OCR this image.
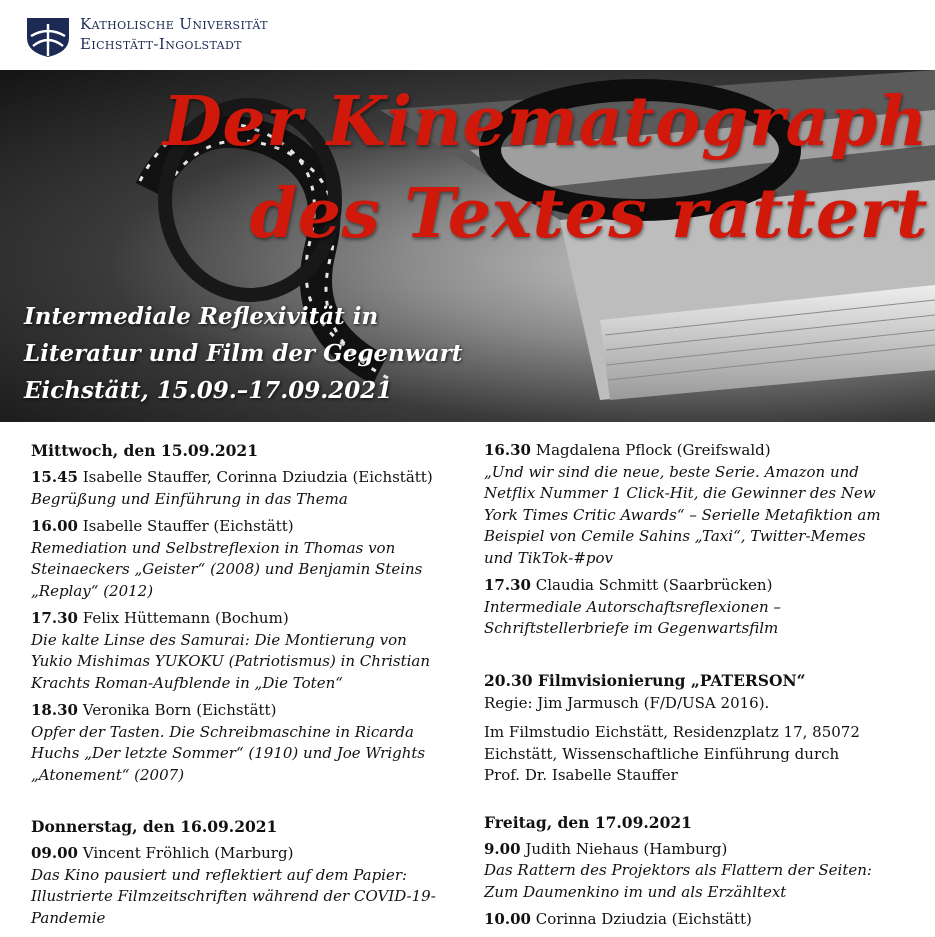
Katholische Universität
Eichstätt-Ingolstadt
Der Kinematograph
des Textes rattert
Intermediale Reflexivität in
Literatur und Film der Gegenwart
Eichstätt, 15.09.–17.09.2021
Mittwoch, den 15.09.2021
15.45 Isabelle Stauffer, Corinna Dziudzia (Eichstätt)
Begrüßung und Einführung in das Thema
16.00 Isabelle Stauffer (Eichstätt)
Remediation und Selbstreflexion in Thomas von
Steinaeckers „Geister“ (2008) und Benjamin Steins
„Replay“ (2012)
17.30 Felix Hüttemann (Bochum)
Die kalte Linse des Samurai: Die Montierung von
Yukio Mishimas YUKOKU (Patriotismus) in Christian
Krachts Roman-Aufblende in „Die Toten“
18.30 Veronika Born (Eichstätt)
Opfer der Tasten. Die Schreibmaschine in Ricarda
Huchs „Der letzte Sommer“ (1910) und Joe Wrights
„Atonement“ (2007)
Donnerstag, den 16.09.2021
09.00 Vincent Fröhlich (Marburg)
Das Kino pausiert und reflektiert auf dem Papier:
Illustrierte Filmzeitschriften während der COVID-19-
Pandemie
16.30 Magdalena Pflock (Greifswald)
„Und wir sind die neue, beste Serie. Amazon und
Netflix Nummer 1 Click-Hit, die Gewinner des New
York Times Critic Awards“ – Serielle Metafiktion am
Beispiel von Cemile Sahins „Taxi“, Twitter-Memes
und TikTok-#pov
17.30 Claudia Schmitt (Saarbrücken)
Intermediale Autorschaftsreflexionen –
Schriftstellerbriefe im Gegenwartsfilm
20.30 Filmvisionierung „PATERSON“
Regie: Jim Jarmusch (F/D/USA 2016).
Im Filmstudio Eichstätt, Residenzplatz 17, 85072
Eichstätt, Wissenschaftliche Einführung durch
Prof. Dr. Isabelle Stauffer
Freitag, den 17.09.2021
9.00 Judith Niehaus (Hamburg)
Das Rattern des Projektors als Flattern der Seiten:
Zum Daumenkino im und als Erzähltext
10.00 Corinna Dziudzia (Eichstätt)
